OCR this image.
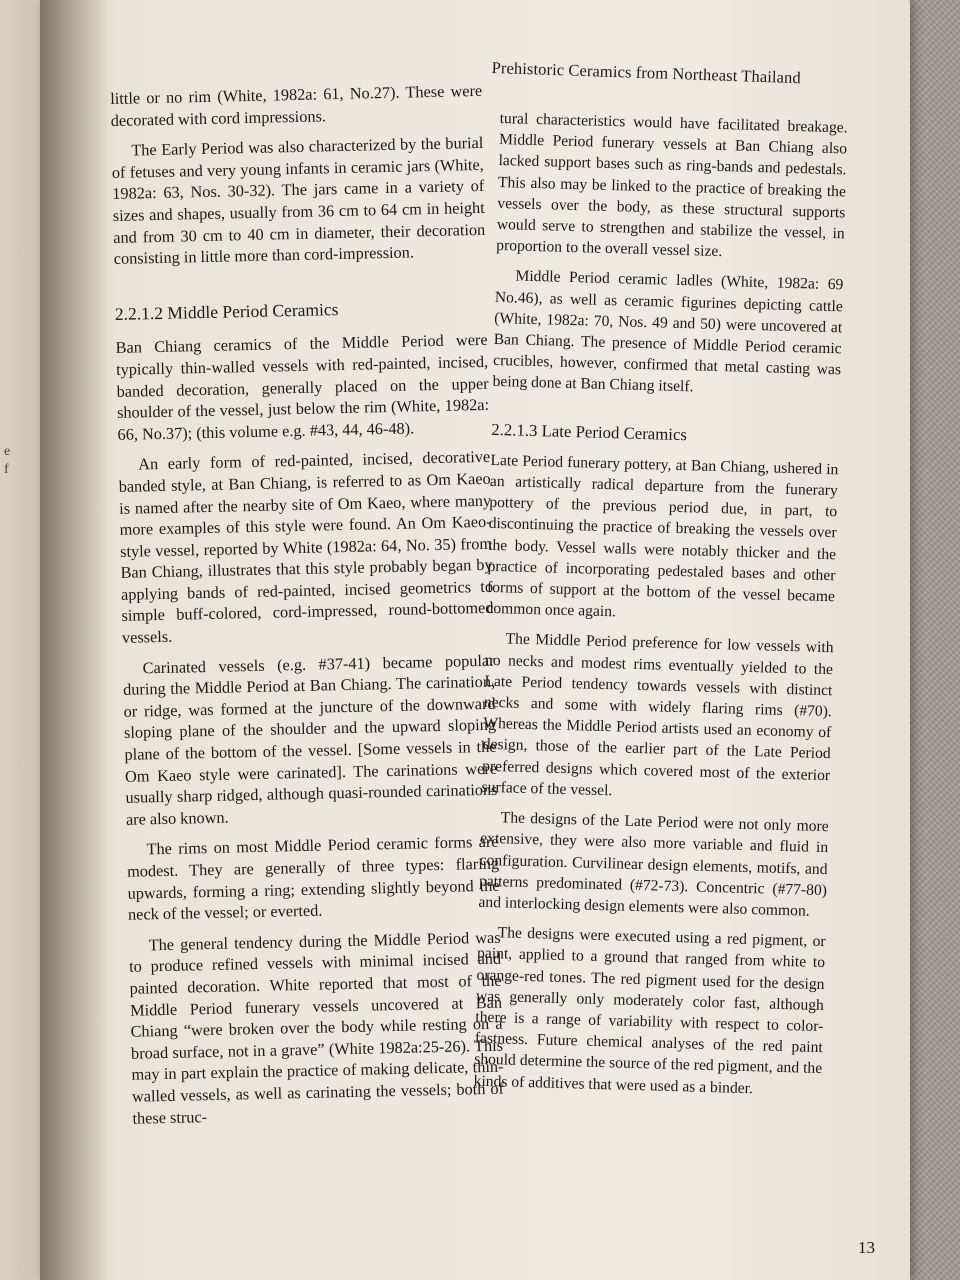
e
f
Prehistoric Ceramics from Northeast Thailand

little or no rim (White, 1982a: 61, No.27). These were decorated with cord impressions.

The Early Period was also characterized by the burial of fetuses and very young infants in ceramic jars (White, 1982a: 63, Nos. 30-32). The jars came in a variety of sizes and shapes, usually from 36 cm to 64 cm in height and from 30 cm to 40 cm in diameter, their decoration consisting in little more than cord-impression.

2.2.1.2 Middle Period Ceramics

Ban Chiang ceramics of the Middle Period were typically thin-walled vessels with red-painted, incised, banded decoration, generally placed on the upper shoulder of the vessel, just below the rim (White, 1982a: 66, No.37); (this volume e.g. #43, 44, 46-48).

An early form of red-painted, incised, decorative banded style, at Ban Chiang, is referred to as Om Kaeo is named after the nearby site of Om Kaeo, where many more examples of this style were found. An Om Kaeo-style vessel, reported by White (1982a: 64, No. 35) from Ban Chiang, illustrates that this style probably began by applying bands of red-painted, incised geometrics to simple buff-colored, cord-impressed, round-bottomed vessels.

Carinated vessels (e.g. #37-41) became popular during the Middle Period at Ban Chiang. The carination, or ridge, was formed at the juncture of the downward sloping plane of the shoulder and the upward sloping plane of the bottom of the vessel. [Some vessels in the Om Kaeo style were carinated]. The carinations were usually sharp ridged, although quasi-rounded carinations are also known.

The rims on most Middle Period ceramic forms are modest. They are generally of three types: flaring upwards, forming a ring; extending slightly beyond the neck of the vessel; or everted.

The general tendency during the Middle Period was to produce refined vessels with minimal incised and painted decoration. White reported that most of the Middle Period funerary vessels uncovered at Ban Chiang “were broken over the body while resting on a broad surface, not in a grave” (White 1982a:25-26). This may in part explain the practice of making delicate, thin-walled vessels, as well as carinating the vessels; both of these struc-

tural characteristics would have facilitated breakage. Middle Period funerary vessels at Ban Chiang also lacked support bases such as ring-bands and pedestals. This also may be linked to the practice of breaking the vessels over the body, as these structural supports would serve to strengthen and stabilize the vessel, in proportion to the overall vessel size.

Middle Period ceramic ladles (White, 1982a: 69 No.46), as well as ceramic figurines depicting cattle (White, 1982a: 70, Nos. 49 and 50) were uncovered at Ban Chiang. The presence of Middle Period ceramic crucibles, however, confirmed that metal casting was being done at Ban Chiang itself.

2.2.1.3 Late Period Ceramics

Late Period funerary pottery, at Ban Chiang, ushered in an artistically radical departure from the funerary pottery of the previous period due, in part, to discontinuing the practice of breaking the vessels over the body. Vessel walls were notably thicker and the practice of incorporating pedestaled bases and other forms of support at the bottom of the vessel became common once again.

The Middle Period preference for low vessels with no necks and modest rims eventually yielded to the Late Period tendency towards vessels with distinct necks and some with widely flaring rims (#70). Whereas the Middle Period artists used an economy of design, those of the earlier part of the Late Period preferred designs which covered most of the exterior surface of the vessel.

The designs of the Late Period were not only more extensive, they were also more variable and fluid in configuration. Curvilinear design elements, motifs, and patterns predominated (#72-73). Concentric (#77-80) and interlocking design elements were also common.

The designs were executed using a red pigment, or paint, applied to a ground that ranged from white to orange-red tones. The red pigment used for the design was generally only moderately color fast, although there is a range of variability with respect to color-fastness. Future chemical analyses of the red paint should determine the source of the red pigment, and the kinds of additives that were used as a binder.

13
